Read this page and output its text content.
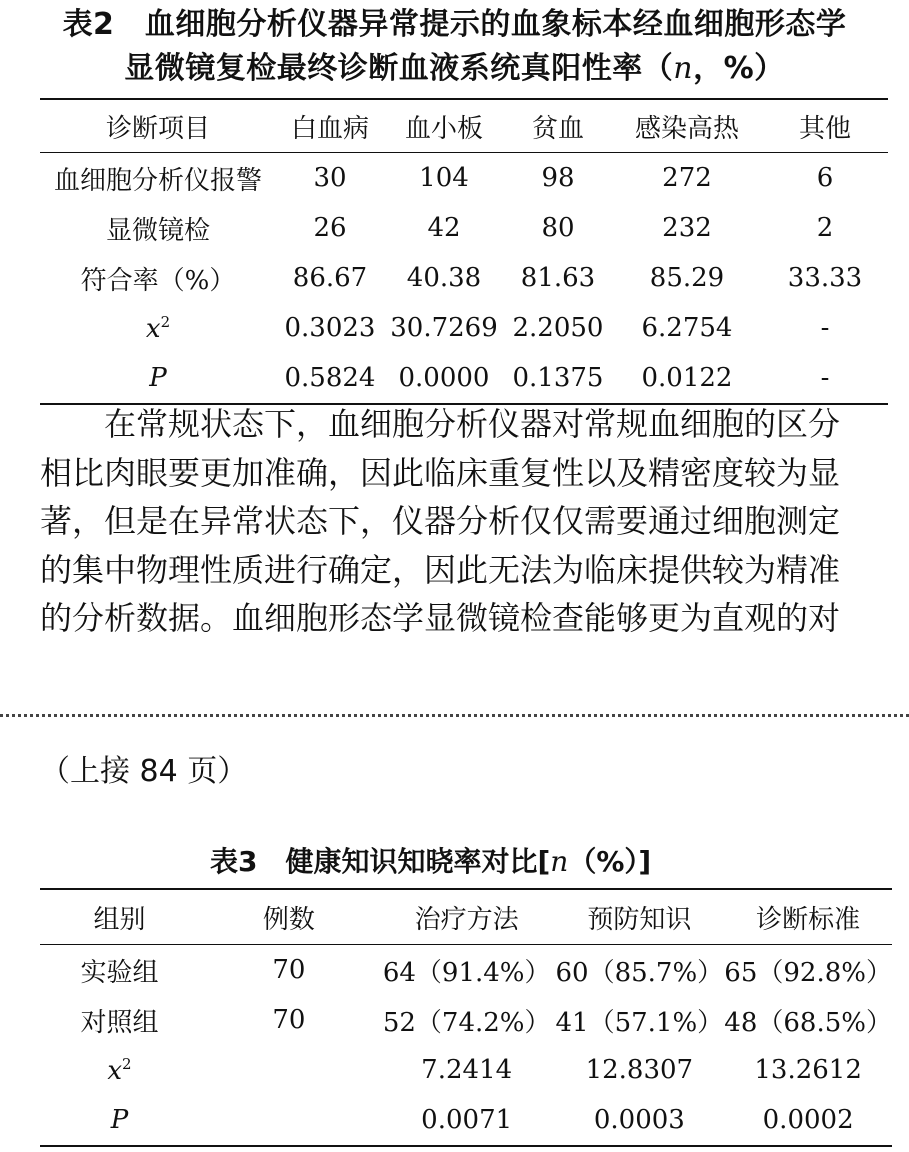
表2　血细胞分析仪器异常提示的血象标本经血细胞形态学
显微镜复检最终诊断血液系统真阳性率（n，%）
诊断项目	白血病	血小板	贫血	感染高热	其他
血细胞分析仪报警	30	104	98	272	6
显微镜检	26	42	80	232	2
符合率（%）	86.67	40.38	81.63	85.29	33.33
$x^2$	0.3023	30.7269	2.2050	6.2754	-
P	0.5824	0.0000	0.1375	0.0122	-
　　在常规状态下，血细胞分析仪器对常规血细胞的区分
相比肉眼要更加准确，因此临床重复性以及精密度较为显
著，但是在异常状态下，仪器分析仅仅需要通过细胞测定
的集中物理性质进行确定，因此无法为临床提供较为精准
的分析数据。血细胞形态学显微镜检查能够更为直观的对
（上接 84 页）
表3　健康知识知晓率对比[n（%）]
组别	例数	治疗方法	预防知识	诊断标准
实验组	70	64（91.4%）	60（85.7%）	65（92.8%）
对照组	70	52（74.2%）	41（57.1%）	48（68.5%）
$x^2$		7.2414	12.8307	13.2612
P		0.0071	0.0003	0.0002
